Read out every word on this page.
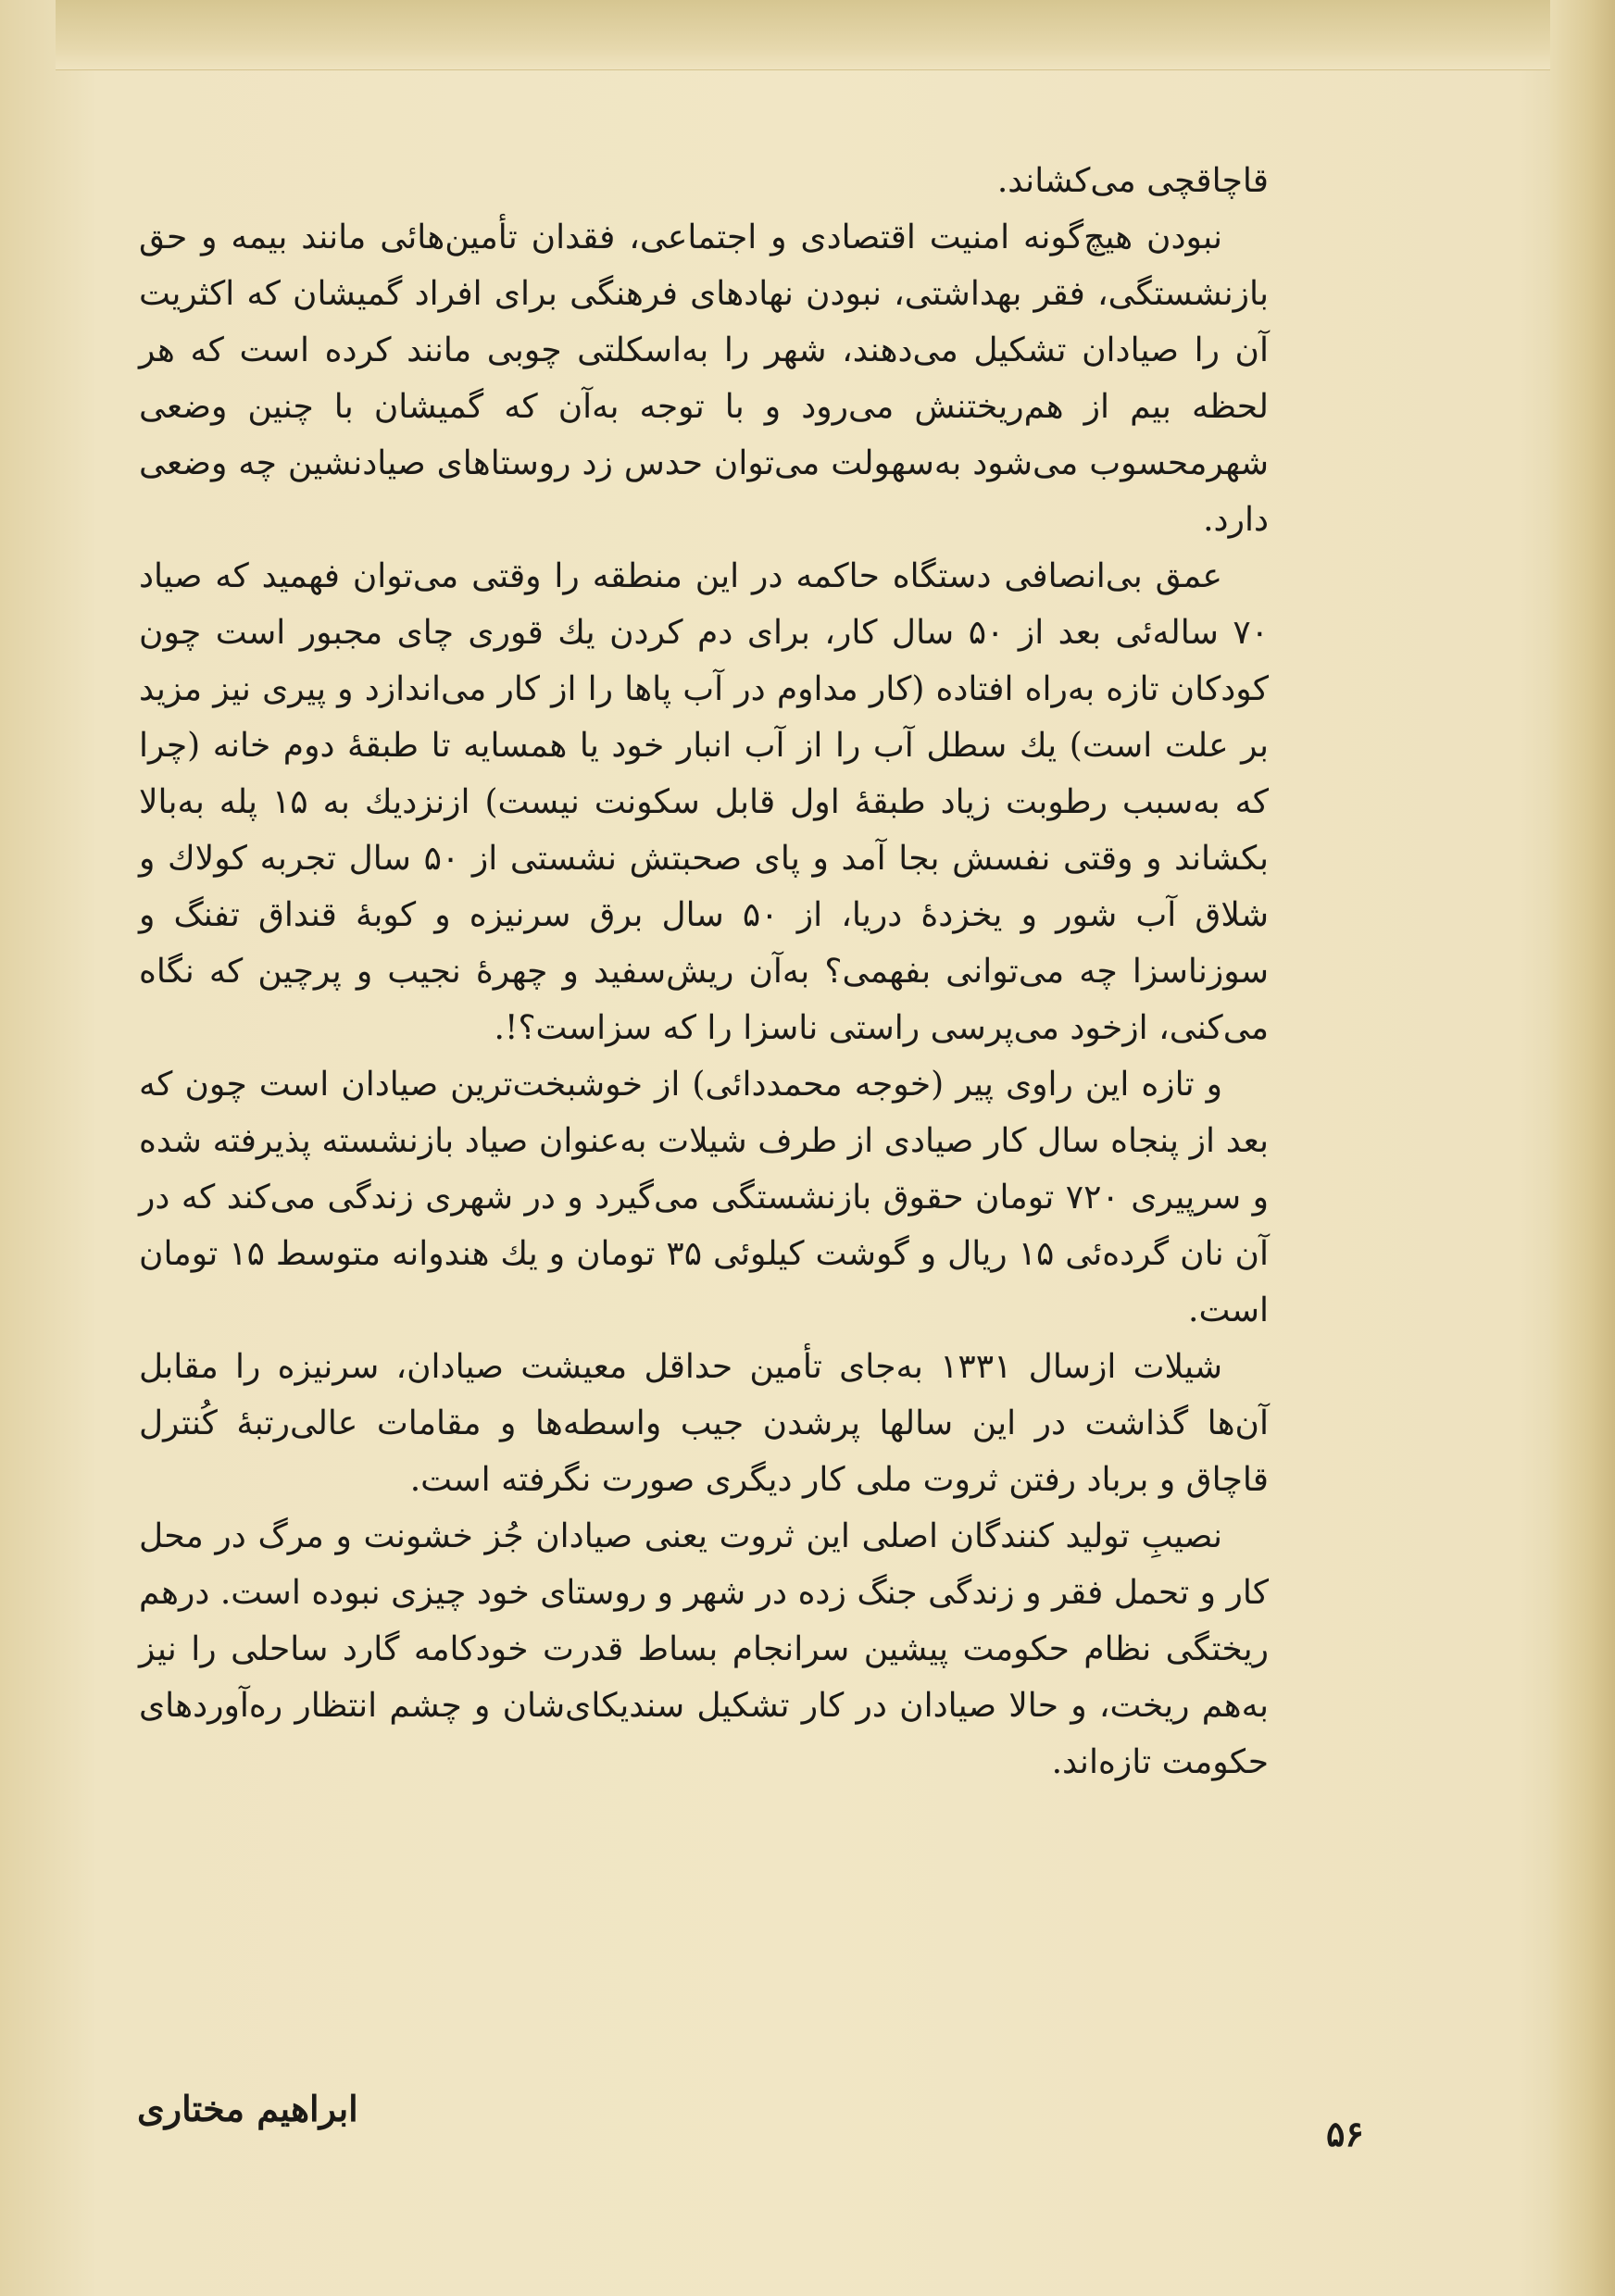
قاچاقچی می‌کشاند.

نبودن هیچ‌گونه امنیت اقتصادی و اجتماعی، فقدان تأمین‌هائی مانند بیمه و حق بازنشستگی، فقر بهداشتی، نبودن نهادهای فرهنگی برای افراد گمیشان که اکثریت آن را صیادان تشکیل می‌دهند، شهر را به‌اسکلتی چوبی مانند کرده است که هر لحظه بیم از هم‌ریختنش می‌رود و با توجه به‌آن که گمیشان با چنین وضعی شهرمحسوب می‌شود به‌سهولت می‌توان حدس زد روستاهای صیادنشین چه وضعی دارد.

عمق بی‌انصافی دستگاه حاکمه در این منطقه را وقتی می‌توان فهمید که صیاد ۷۰ ساله‌ئی بعد از ۵۰ سال کار، برای دم کردن یك قوری چای مجبور است چون کودکان تازه به‌راه افتاده (کار مداوم در آب پاها را از کار می‌اندازد و پیری نیز مزید بر علت است) یك سطل آب را از آب انبار خود یا همسایه تا طبقهٔ دوم خانه (چرا که به‌سبب رطوبت زیاد طبقهٔ اول قابل سکونت نیست) ازنزدیك به ۱۵ پله به‌بالا بکشاند و وقتی نفسش بجا آمد و پای صحبتش نشستی از ۵۰ سال تجربه کولاك و شلاق آب شور و یخزدهٔ دریا، از ۵۰ سال برق سرنیزه و کوبهٔ قنداق تفنگ و سوزناسزا چه می‌توانی بفهمی؟ به‌آن ریش‌سفید و چهرهٔ نجیب و پرچین که نگاه می‌کنی، ازخود می‌پرسی راستی ناسزا را که سزاست؟!.

و تازه این راوی پیر (خوجه محمددائی) از خوشبخت‌ترین صیادان است چون که بعد از پنجاه سال کار صیادی از طرف شیلات به‌عنوان صیاد بازنشسته پذیرفته شده و سرپیری ۷۲۰ تومان حقوق بازنشستگی می‌گیرد و در شهری زندگی می‌کند که در آن نان گرده‌ئی ۱۵ ریال و گوشت کیلوئی ۳۵ تومان و یك هندوانه متوسط ۱۵ تومان است.

شیلات ازسال ۱۳۳۱ به‌جای تأمین حداقل معیشت صیادان، سرنیزه را مقابل آن‌ها گذاشت در این سالها پرشدن جیب واسطه‌ها و مقامات عالی‌رتبهٔ کُنترل قاچاق و برباد رفتن ثروت ملی کار دیگری صورت نگرفته است.

نصیبِ تولید کنندگان اصلی این ثروت یعنی صیادان جُز خشونت و مرگ در محل کار و تحمل فقر و زندگی جنگ زده در شهر و روستای خود چیزی نبوده است. درهم ریختگی نظام حکومت پیشین سرانجام بساط قدرت خودکامه گارد ساحلی را نیز به‌هم ریخت، و حالا صیادان در کار تشکیل سندیکای‌شان و چشم انتظار ره‌آوردهای حکومت تازه‌اند.

ابراهیم مختاری
۵۶
